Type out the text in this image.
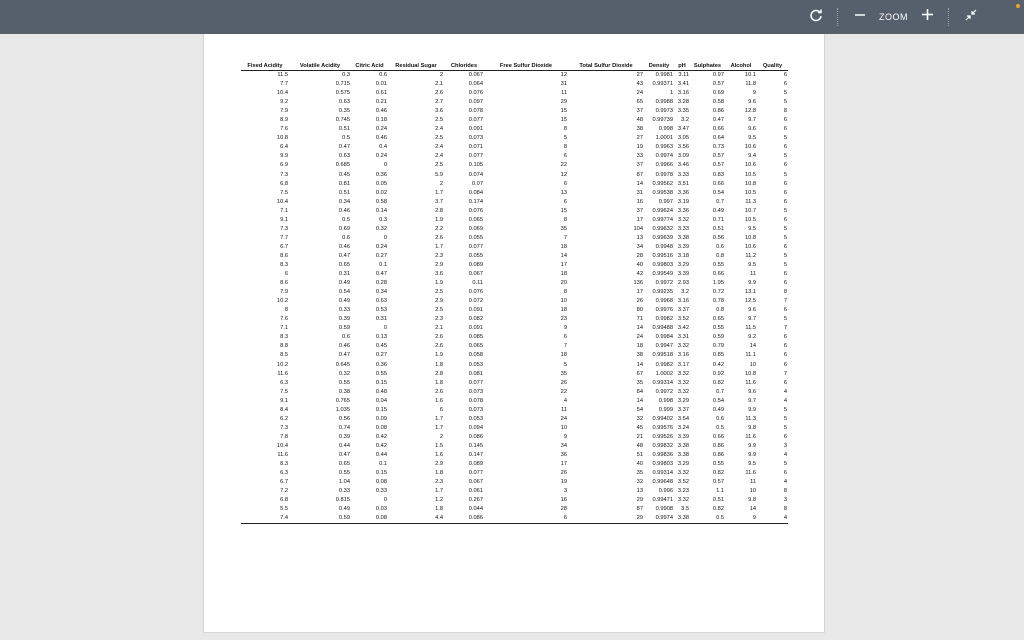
ZOOM
Fixed Acidity	Volatile Acidity	Citric Acid	Residual Sugar	Chlorides	Free Sulfur Dioxide	Total Sulfur Dioxide	Density	pH	Sulphates	Alcohol	Quality
11.5	0.3	0.6	2	0.067	12	27	0.9981	3.11	0.97	10.1	6
7.7	0.715	0.01	2.1	0.064	31	43	0.99371	3.41	0.57	11.8	6
10.4	0.575	0.61	2.6	0.076	11	24	1	3.16	0.69	9	5
9.2	0.63	0.21	2.7	0.097	29	65	0.9988	3.28	0.58	9.6	5
7.9	0.35	0.46	3.6	0.078	15	37	0.9973	3.35	0.86	12.8	8
8.9	0.745	0.18	2.5	0.077	15	48	0.99739	3.2	0.47	9.7	6
7.6	0.51	0.24	2.4	0.091	8	38	0.998	3.47	0.66	9.6	6
10.8	0.5	0.46	2.5	0.073	5	27	1.0001	3.05	0.64	9.5	5
6.4	0.47	0.4	2.4	0.071	8	19	0.9963	3.56	0.73	10.6	6
9.9	0.63	0.24	2.4	0.077	6	33	0.9974	3.09	0.57	9.4	5
6.9	0.685	0	2.5	0.105	22	37	0.9966	3.46	0.57	10.6	6
7.3	0.45	0.36	5.9	0.074	12	87	0.9978	3.33	0.83	10.5	5
6.8	0.81	0.05	2	0.07	6	14	0.99562	3.51	0.66	10.8	6
7.5	0.51	0.02	1.7	0.084	13	31	0.99538	3.36	0.54	10.5	6
10.4	0.34	0.58	3.7	0.174	6	16	0.997	3.19	0.7	11.3	6
7.1	0.46	0.14	2.8	0.076	15	37	0.99624	3.36	0.49	10.7	5
9.1	0.5	0.3	1.9	0.065	8	17	0.99774	3.32	0.71	10.5	6
7.3	0.69	0.32	2.2	0.069	35	104	0.99632	3.33	0.51	9.5	5
7.7	0.6	0	2.6	0.055	7	13	0.99639	3.38	0.56	10.8	5
6.7	0.46	0.24	1.7	0.077	18	34	0.9948	3.39	0.6	10.6	6
8.6	0.47	0.27	2.3	0.055	14	28	0.99516	3.18	0.8	11.2	5
8.3	0.65	0.1	2.9	0.089	17	40	0.99803	3.29	0.55	9.5	5
6	0.31	0.47	3.6	0.067	18	42	0.99549	3.39	0.66	11	6
8.6	0.49	0.28	1.9	0.11	20	136	0.9972	2.93	1.95	9.9	6
7.9	0.54	0.34	2.5	0.076	8	17	0.99235	3.2	0.72	13.1	8
10.2	0.49	0.63	2.9	0.072	10	26	0.9968	3.16	0.78	12.5	7
8	0.33	0.53	2.5	0.091	18	80	0.9976	3.37	0.8	9.6	6
7.6	0.39	0.31	2.3	0.082	23	71	0.9982	3.52	0.65	9.7	5
7.1	0.59	0	2.1	0.091	9	14	0.99488	3.42	0.55	11.5	7
8.3	0.6	0.13	2.6	0.085	6	24	0.9984	3.31	0.59	9.2	6
8.8	0.46	0.45	2.6	0.065	7	18	0.9947	3.32	0.79	14	6
8.5	0.47	0.27	1.9	0.058	18	38	0.99518	3.16	0.85	11.1	6
10.2	0.645	0.36	1.8	0.053	5	14	0.9982	3.17	0.42	10	6
11.6	0.32	0.55	2.8	0.081	35	67	1.0002	3.32	0.92	10.8	7
6.3	0.55	0.15	1.8	0.077	26	35	0.99314	3.32	0.82	11.6	6
7.5	0.38	0.48	2.6	0.073	22	84	0.9972	3.32	0.7	9.6	4
9.1	0.765	0.04	1.6	0.078	4	14	0.998	3.29	0.54	9.7	4
8.4	1.035	0.15	6	0.073	11	54	0.999	3.37	0.49	9.9	5
6.2	0.56	0.09	1.7	0.053	24	32	0.99402	3.54	0.6	11.3	5
7.3	0.74	0.08	1.7	0.094	10	45	0.99576	3.24	0.5	9.8	5
7.8	0.39	0.42	2	0.086	9	21	0.99526	3.39	0.66	11.6	6
10.4	0.44	0.42	1.5	0.145	34	48	0.99832	3.38	0.86	9.9	3
11.6	0.47	0.44	1.6	0.147	36	51	0.99836	3.38	0.86	9.9	4
8.3	0.65	0.1	2.9	0.089	17	40	0.99803	3.29	0.55	9.5	5
6.3	0.55	0.15	1.8	0.077	26	35	0.99314	3.32	0.82	11.6	6
6.7	1.04	0.08	2.3	0.067	19	32	0.99648	3.52	0.57	11	4
7.2	0.33	0.33	1.7	0.061	3	13	0.996	3.23	1.1	10	8
6.8	0.815	0	1.2	0.267	16	29	0.99471	3.32	0.51	9.8	3
5.5	0.49	0.03	1.8	0.044	28	87	0.9908	3.5	0.82	14	8
7.4	0.59	0.08	4.4	0.086	6	29	0.9974	3.38	0.5	9	4
